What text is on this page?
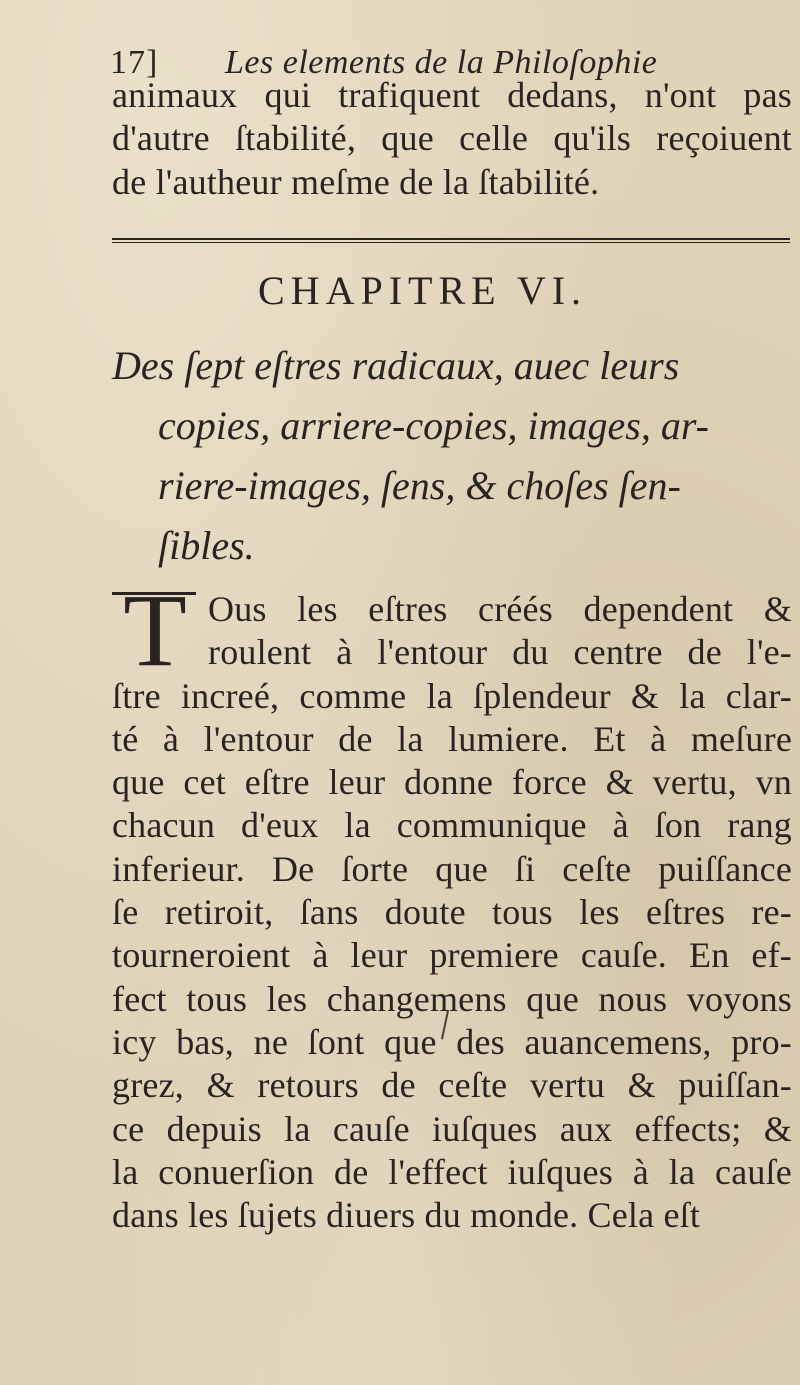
17] Les elements de la Philoſophie
animaux qui trafiquent dedans, n'ont pas
d'autre ſtabilité, que celle qu'ils reçoiuent
de l'autheur meſme de la ſtabilité.
CHAPITRE VI.
Des ſept eſtres radicaux, auec leurs
copies, arriere-copies, images, ar-
riere-images, ſens, & choſes ſen-
ſibles.
T Ous les eſtres créés dependent &
roulent à l'entour du centre de l'e-
ſtre increé, comme la ſplendeur & la clar-
té à l'entour de la lumiere. Et à meſure
que cet eſtre leur donne force & vertu, vn
chacun d'eux la communique à ſon rang
inferieur. De ſorte que ſi ceſte puiſſance
ſe retiroit, ſans doute tous les eſtres re-
tourneroient à leur premiere cauſe. En ef-
fect tous les changemens que nous voyons
icy bas, ne ſont que des auancemens, pro-
grez, & retours de ceſte vertu & puiſſan-
ce depuis la cauſe iuſques aux effects; &
la conuerſion de l'effect iuſques à la cauſe
dans les ſujets diuers du monde. Cela eſt
